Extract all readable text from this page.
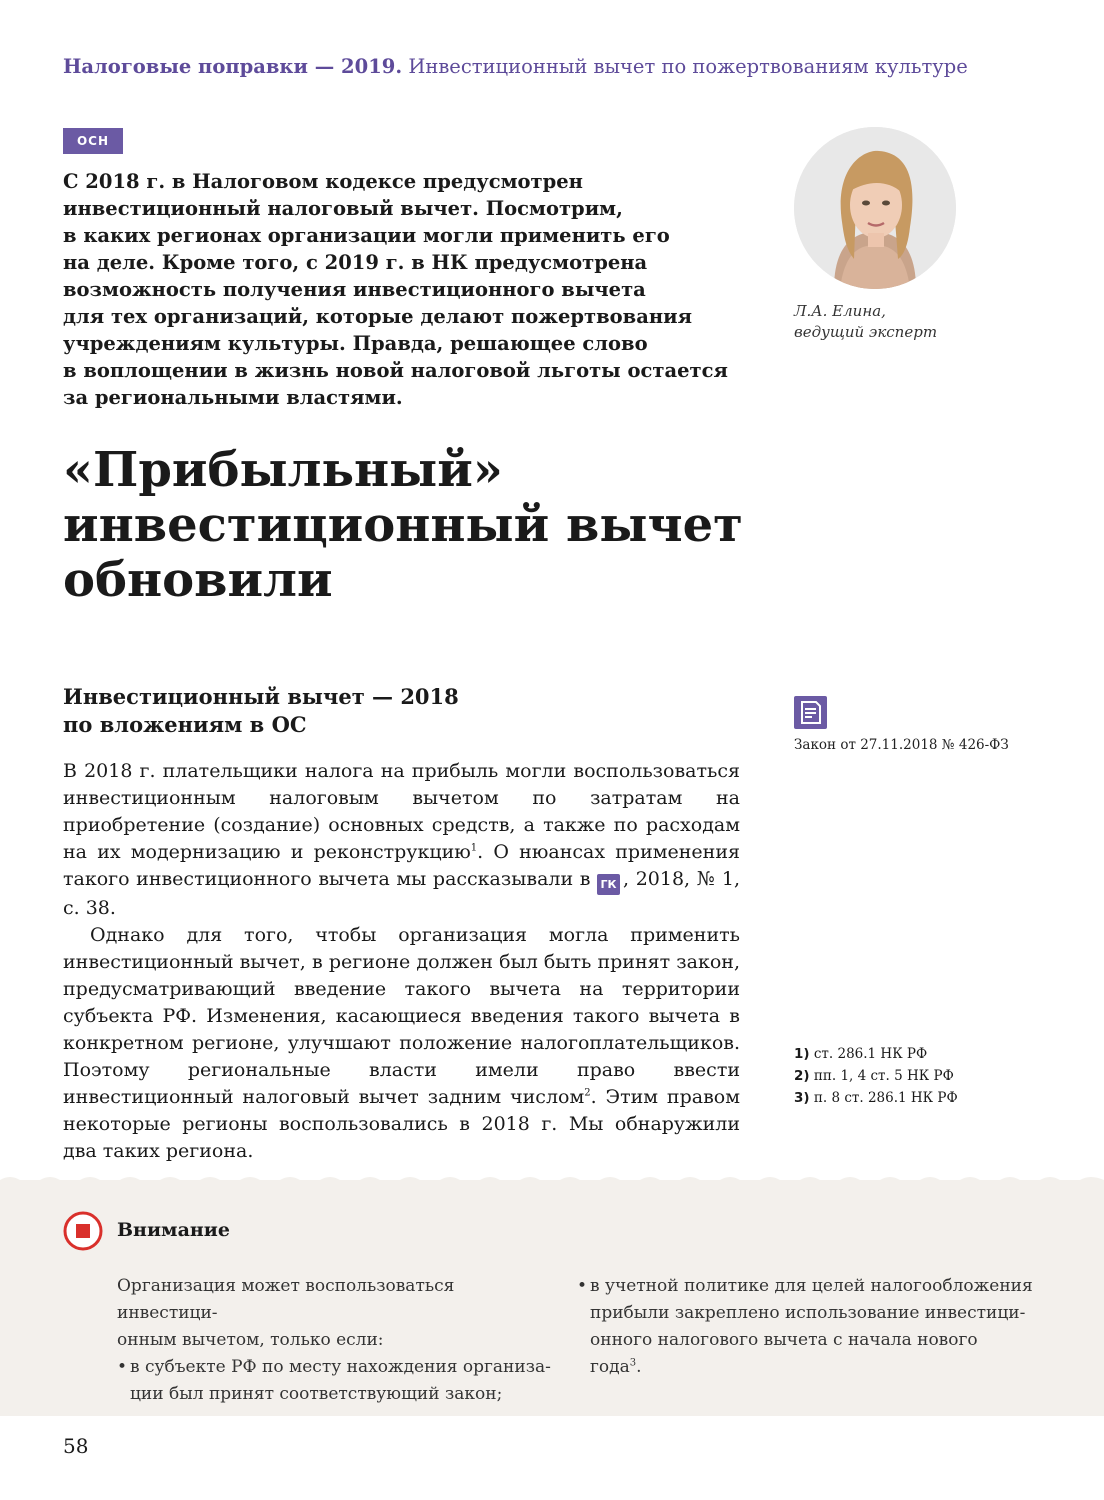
Налоговые поправки — 2019. Инвестиционный вычет по пожертвованиям культуре
ОСН
С 2018 г. в Налоговом кодексе предусмотрен
инвестиционный налоговый вычет. Посмотрим,
в каких регионах организации могли применить его
на деле. Кроме того, с 2019 г. в НК предусмотрена
возможность получения инвестиционного вычета
для тех организаций, которые делают пожертвования
учреждениям культуры. Правда, решающее слово
в воплощении в жизнь новой налоговой льготы остается
за региональными властями.
Л.А. Елина,
ведущий эксперт
«Прибыльный»
инвестиционный вычет
обновили
Инвестиционный вычет — 2018
по вложениям в ОС
Закон от 27.11.2018 № 426-ФЗ

В 2018 г. плательщики налога на прибыль могли воспользоваться инвестиционным налоговым вычетом по затратам на приобретение (создание) основных средств, а также по расходам на их модернизацию и реконструкцию$^1$. О нюансах применения такого инвестиционного вычета мы рассказывали в ГК , 2018, № 1, с. 38.

Однако для того, чтобы организация могла применить инвестиционный вычет, в регионе должен был быть принят закон, предусматривающий введение такого вычета на территории субъекта РФ. Изменения, касающиеся введения такого вычета в конкретном регионе, улучшают положение налогоплательщиков. Поэтому региональные власти имели право ввести инвестиционный налоговый вычет задним числом$^2$. Этим правом некоторые регионы воспользовались в 2018 г. Мы обнаружили два таких региона.

1) ст. 286.1 НК РФ
2) пп. 1, 4 ст. 5 НК РФ
3) п. 8 ст. 286.1 НК РФ
Внимание
Организация может воспользоваться инвестици-
онным вычетом, только если:
• в субъекте РФ по месту нахождения организа-
ции был принят соответствующий закон;
• в учетной политике для целей налогообложения
прибыли закреплено использование инвестици-
онного налогового вычета с начала нового
года$^3$.
58
